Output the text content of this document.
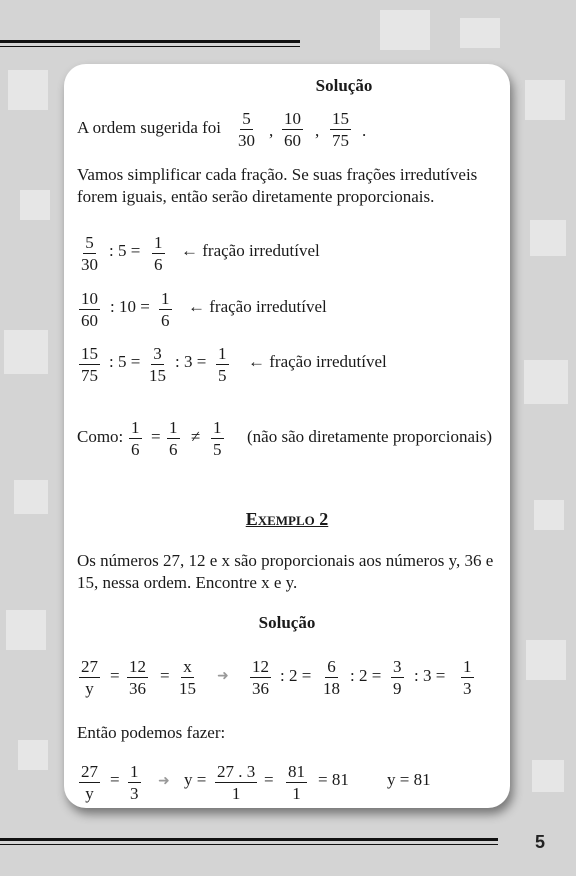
5
Solução
A ordem sugerida foi $\frac{5}{30}$ , $\frac{10}{60}$ , $\frac{15}{75}$ .
Vamos simplificar cada fração. Se suas frações irredutíveis
forem iguais, então serão diretamente proporcionais.
$\frac{5}{30}$ : $5 = \frac{1}{6}$ ← fração irredutível
$\frac{10}{60}$ : $10 = \frac{1}{6}$ ← fração irredutível
$\frac{15}{75}$ : $5 = \frac{3}{15}$ : $3 = \frac{1}{5}$ ← fração irredutível
Como: $\frac{1}{6} = \frac{1}{6} \ne \frac{1}{5}$ (não são diretamente proporcionais)
Exemplo 2
Os números 27, 12 e x são proporcionais aos números y, 36 e
15, nessa ordem. Encontre x e y.
Solução
$\frac{27}{y} = \frac{12}{36} = \frac{x}{15}$ ➜ $\frac{12}{36}$ : $2 = \frac{6}{18}$ : $2 = \frac{3}{9}$ : $3 = \frac{1}{3}$
Então podemos fazer:
$\frac{27}{y} = \frac{1}{3}$ ➜ $y = \frac{27 . 3}{1} = \frac{81}{1} = 81$ y = 81
